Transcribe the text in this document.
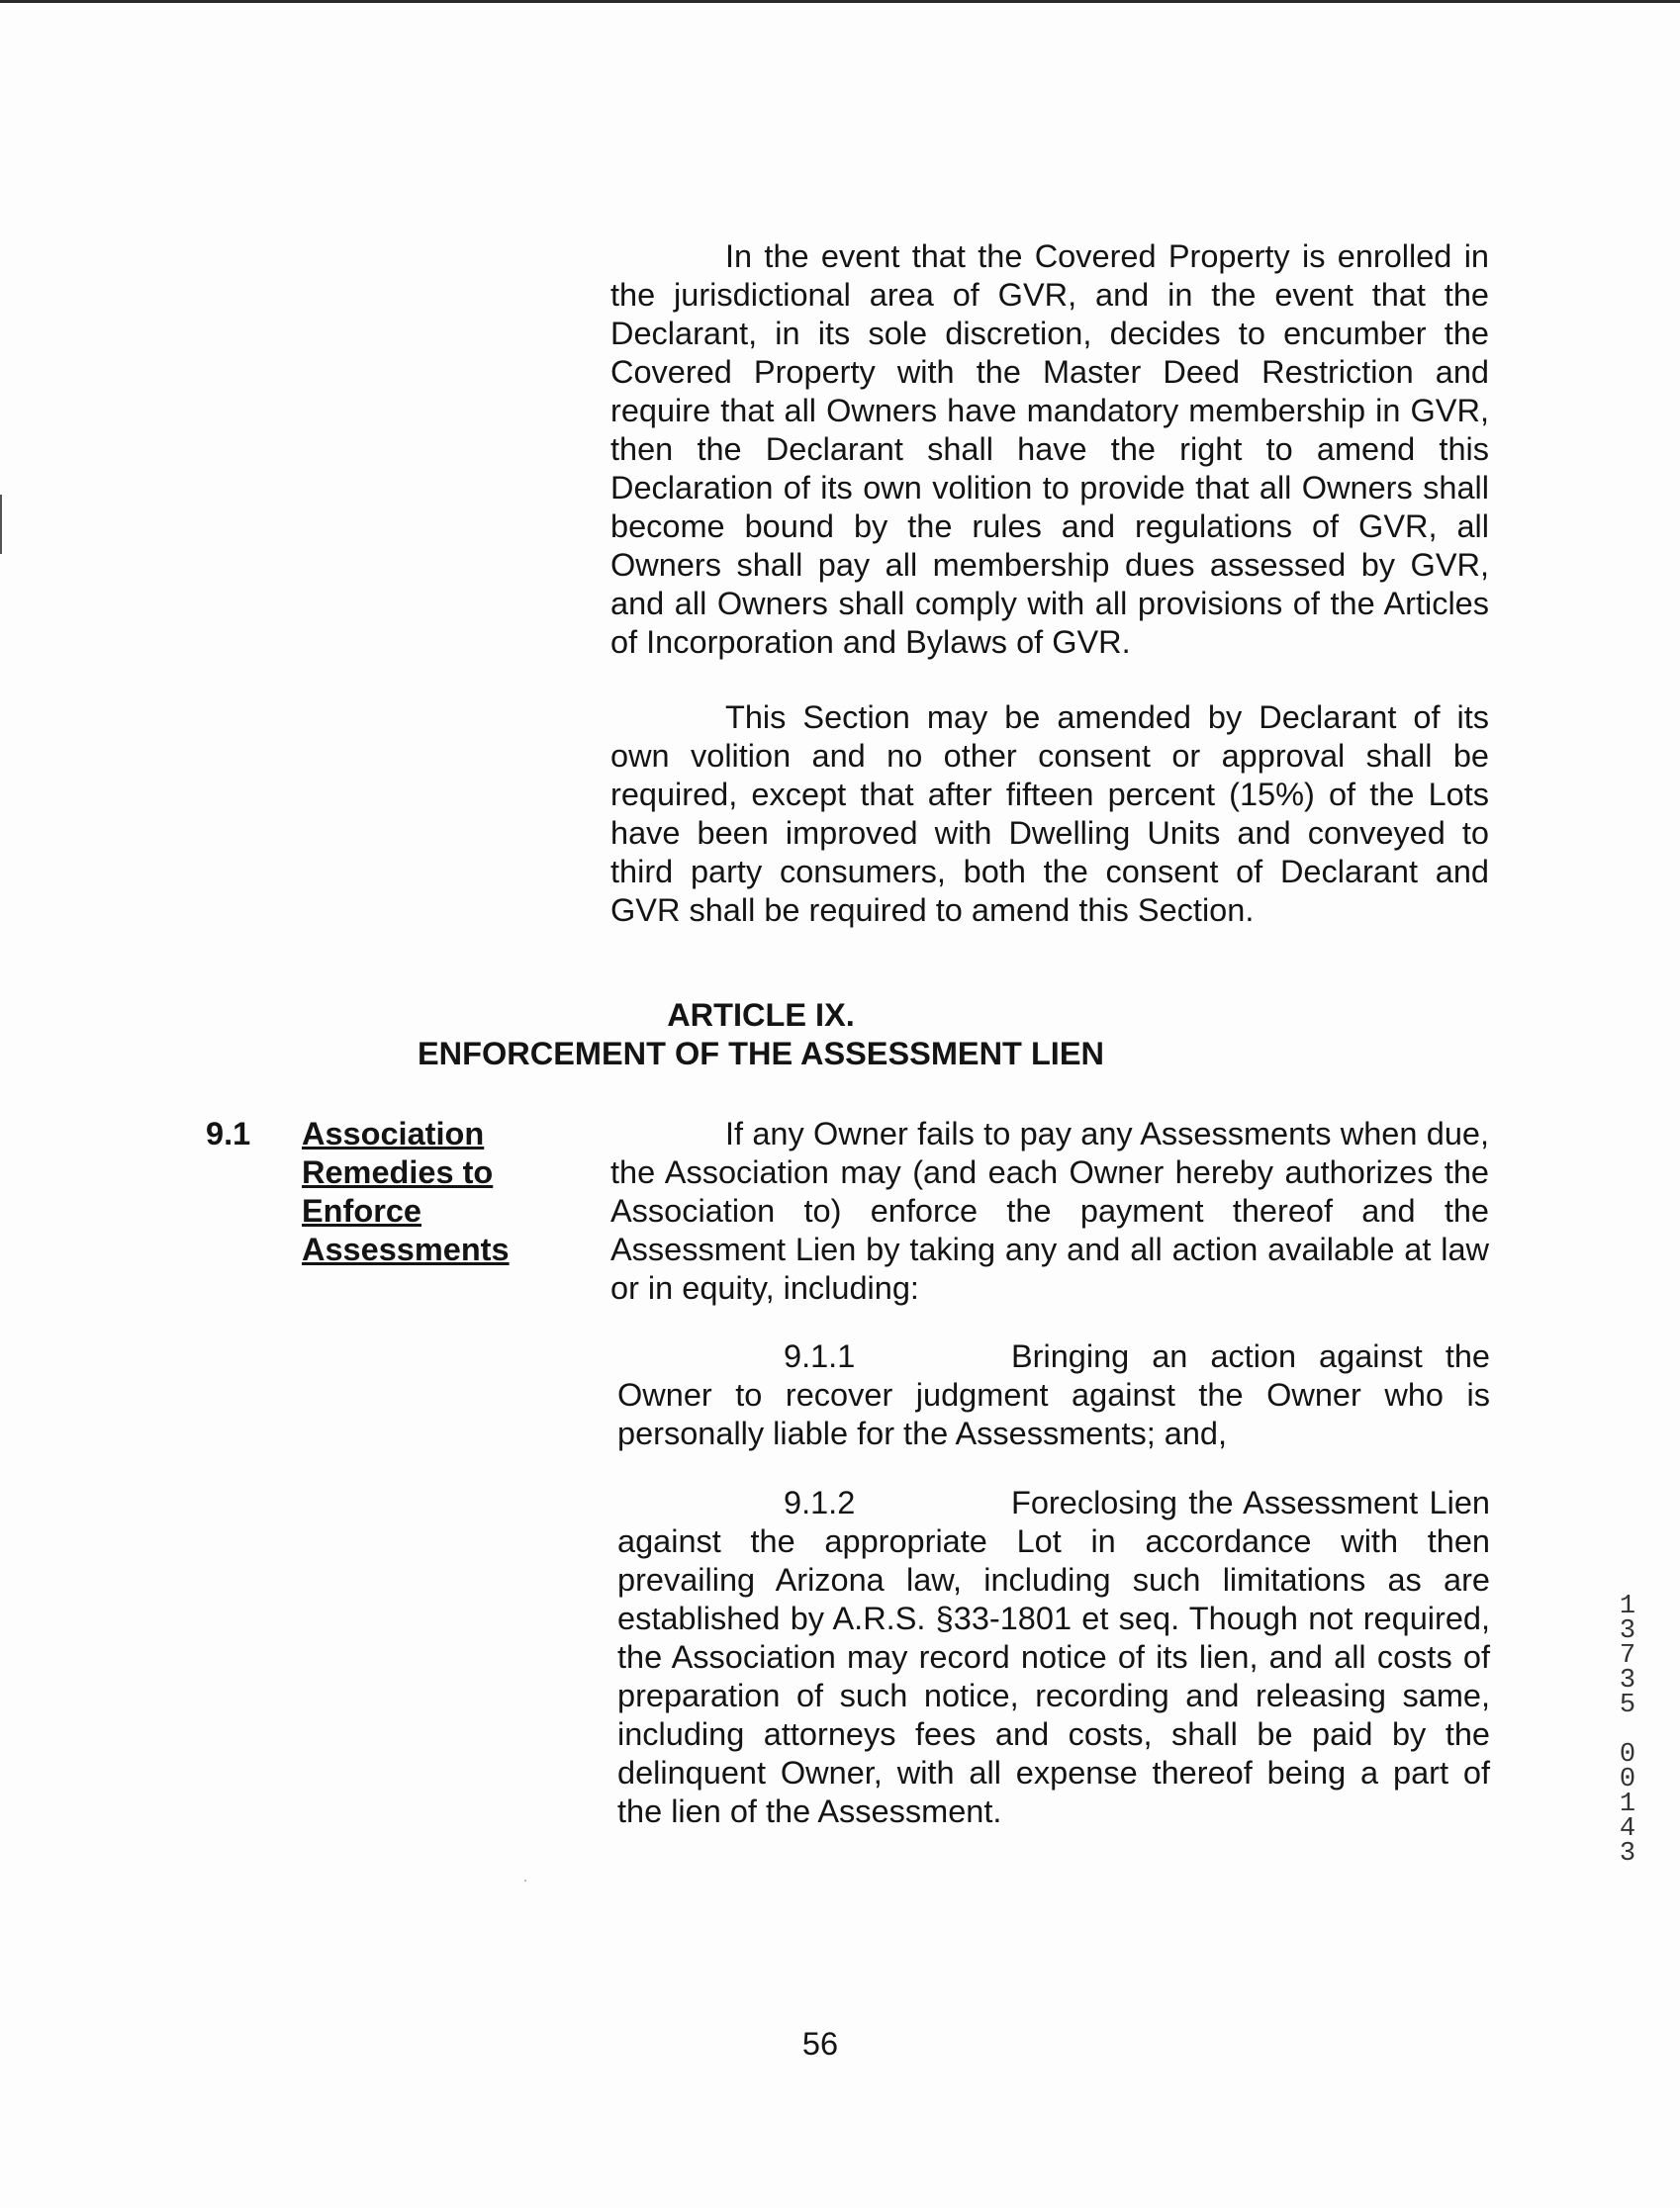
In the event that the Covered Property is enrolled in the jurisdictional area of GVR, and in the event that the Declarant, in its sole discretion, decides to encumber the Covered Property with the Master Deed Restriction and require that all Owners have mandatory membership in GVR, then the Declarant shall have the right to amend this Declaration of its own volition to provide that all Owners shall become bound by the rules and regulations of GVR, all Owners shall pay all membership dues assessed by GVR, and all Owners shall comply with all provisions of the Articles of Incorporation and Bylaws of GVR.

This Section may be amended by Declarant of its own volition and no other consent or approval shall be required, except that after fifteen percent (15%) of the Lots have been improved with Dwelling Units and conveyed to third party consumers, both the consent of Declarant and GVR shall be required to amend this Section.

ARTICLE IX.

ENFORCEMENT OF THE ASSESSMENT LIEN

9.1 Association
Remedies to
Enforce
Assessments

If any Owner fails to pay any Assessments when due, the Association may (and each Owner hereby authorizes the Association to) enforce the payment thereof and the Assessment Lien by taking any and all action available at law or in equity, including:

9.1.1	Bringing an action against the Owner to recover judgment against the Owner who is personally liable for the Assessments; and,

9.1.2	Foreclosing the Assessment Lien against the appropriate Lot in accordance with then prevailing Arizona law, including such limitations as are established by A.R.S. §33-1801 et seq. Though not required, the Association may record notice of its lien, and all costs of preparation of such notice, recording and releasing same, including attorneys fees and costs, shall be paid by the delinquent Owner, with all expense thereof being a part of the lien of the Assessment.

1
3
7
3
5

0
0
1
4
3
56
